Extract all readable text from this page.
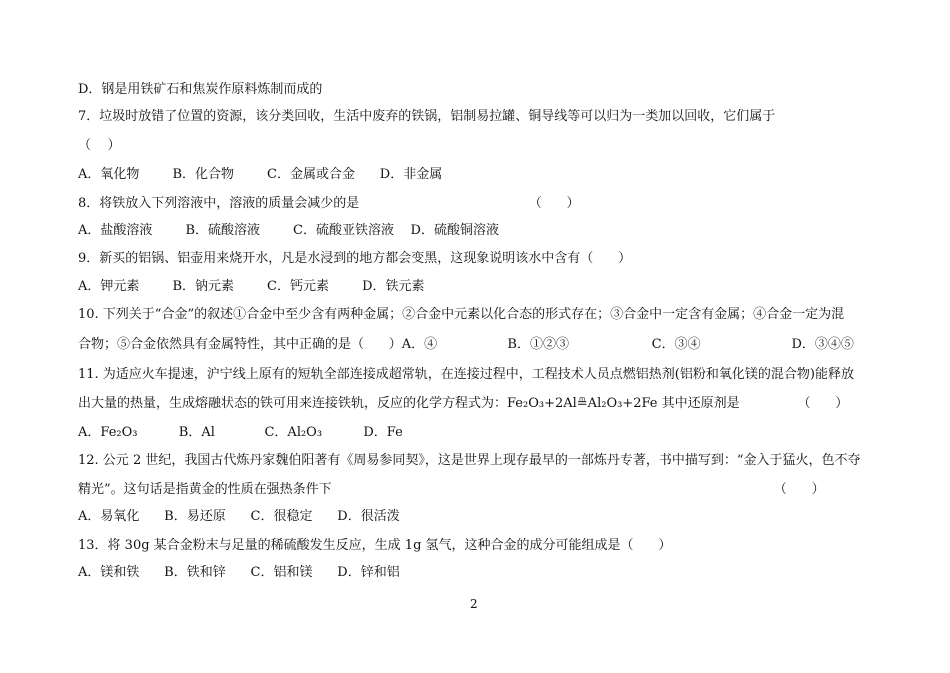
D．钢是用铁矿石和焦炭作原料炼制而成的
7．垃圾时放错了位置的资源，该分类回收，生活中废弃的铁锅，铝制易拉罐、铜导线等可以归为一类加以回收，它们属于
（    ）
A．氧化物        B．化合物        C．金属或合金      D．非金属
8．将铁放入下列溶液中，溶液的质量会减少的是                                         （      ）
A．盐酸溶液        B．硫酸溶液        C．硫酸亚铁溶液    D．硫酸铜溶液
9．新买的铝锅、铝壶用来烧开水，凡是水浸到的地方都会变黑，这现象说明该水中含有（      ）
A．钾元素        B．钠元素        C．钙元素        D．铁元素
10. 下列关于“合金”的叙述①合金中至少含有两种金属；②合金中元素以化合态的形式存在；③合金中一定含有金属；④合金一定为混
合物；⑤合金依然具有金属特性，其中正确的是（      ）A．④                 B．①②③                    C．③④                      D．③④⑤
11. 为适应火车提速，沪宁线上原有的短轨全部连接成超常轨，在连接过程中，工程技术人员点燃铝热剂(铝粉和氧化镁的混合物)能释放
出大量的热量，生成熔融状态的铁可用来连接铁轨，反应的化学方程式为：Fe₂O₃+2Al≞Al₂O₃+2Fe 其中还原剂是              （      ）
A．Fe₂O₃          B．Al            C．Al₂O₃          D．Fe
12. 公元 2 世纪，我国古代炼丹家魏伯阳著有《周易参同契》，这是世界上现存最早的一部炼丹专著，书中描写到：“金入于猛火，色不夺
精光”。这句话是指黄金的性质在强热条件下                                                                                                           （      ）
A．易氧化      B．易还原      C．很稳定      D．很活泼
13．将 30g 某合金粉末与足量的稀硫酸发生反应，生成 1g 氢气，这种合金的成分可能组成是（      ）
A．镁和铁      B．铁和锌      C．铝和镁      D．锌和铝
2
